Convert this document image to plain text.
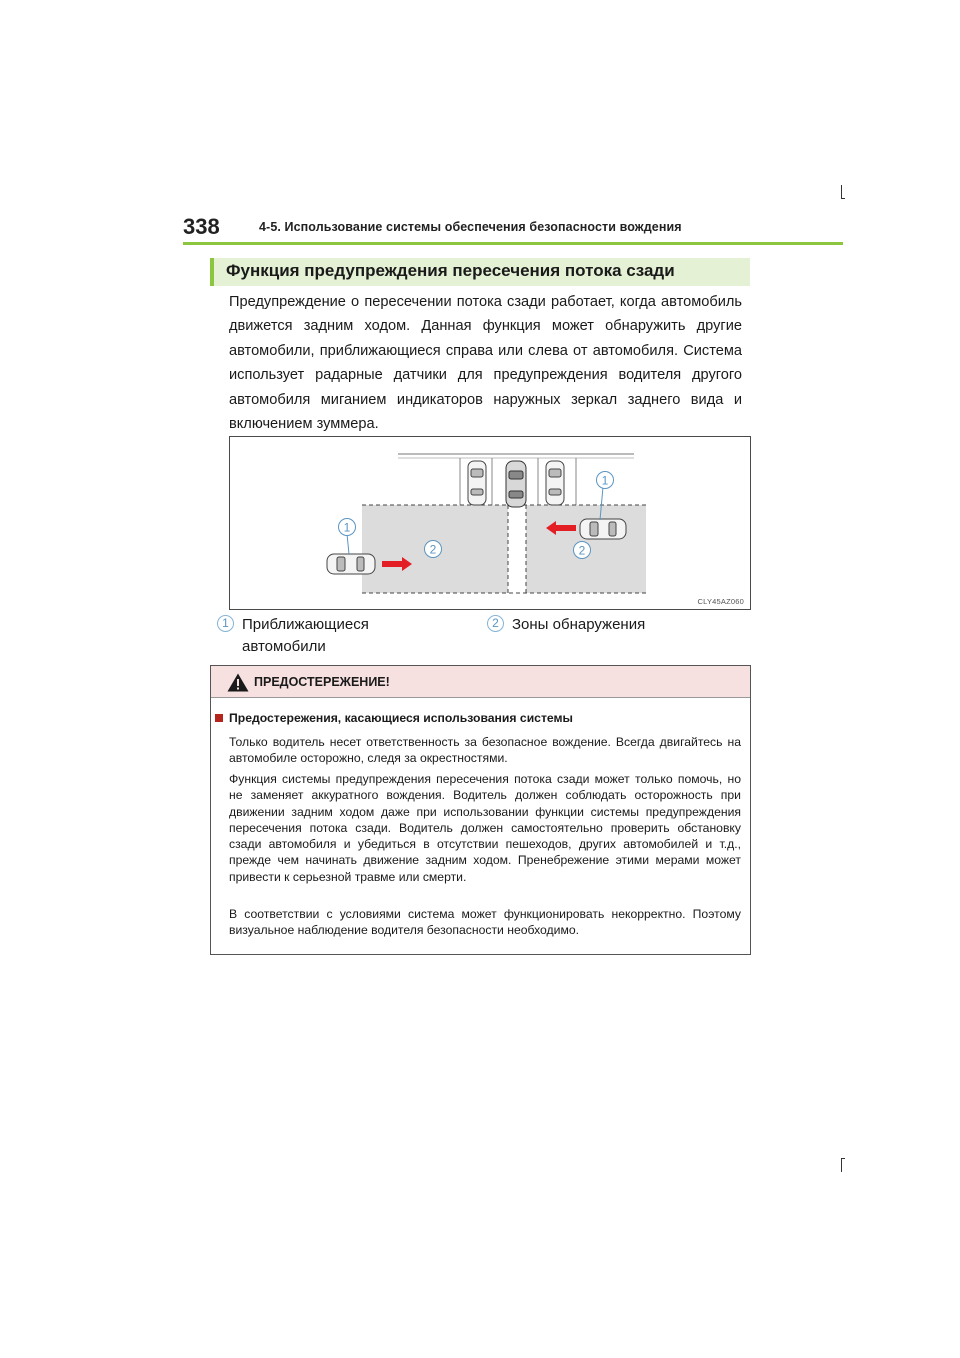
338	4-5. Использование системы обеспечения безопасности вождения
Функция предупреждения пересечения потока сзади
Предупреждение о пересечении потока сзади работает, когда автомобиль движется задним ходом. Данная функция может обнаружить другие автомобили, приближающиеся справа или слева от автомобиля. Система использует радарные датчики для предупреждения водителя другого автомобиля миганием индикаторов наружных зеркал заднего вида и включением зуммера.
1
2
1
2
CLY45AZ060
1 Приближающиеся автомобили
2 Зоны обнаружения
ПРЕДОСТЕРЕЖЕНИЕ!
Предостережения, касающиеся использования системы
Только водитель несет ответственность за безопасное вождение. Всегда двигайтесь на автомобиле осторожно, следя за окрестностями.
Функция системы предупреждения пересечения потока сзади может только помочь, но не заменяет аккуратного вождения. Водитель должен соблюдать осторожность при движении задним ходом даже при использовании функции системы предупреждения пересечения потока сзади. Водитель должен самостоятельно проверить обстановку сзади автомобиля и убедиться в отсутствии пешеходов, других автомобилей и т.д., прежде чем начинать движение задним ходом. Пренебрежение этими мерами может привести к серьезной травме или смерти.
В соответствии с условиями система может функционировать некорректно. Поэтому визуальное наблюдение водителя безопасности необходимо.
